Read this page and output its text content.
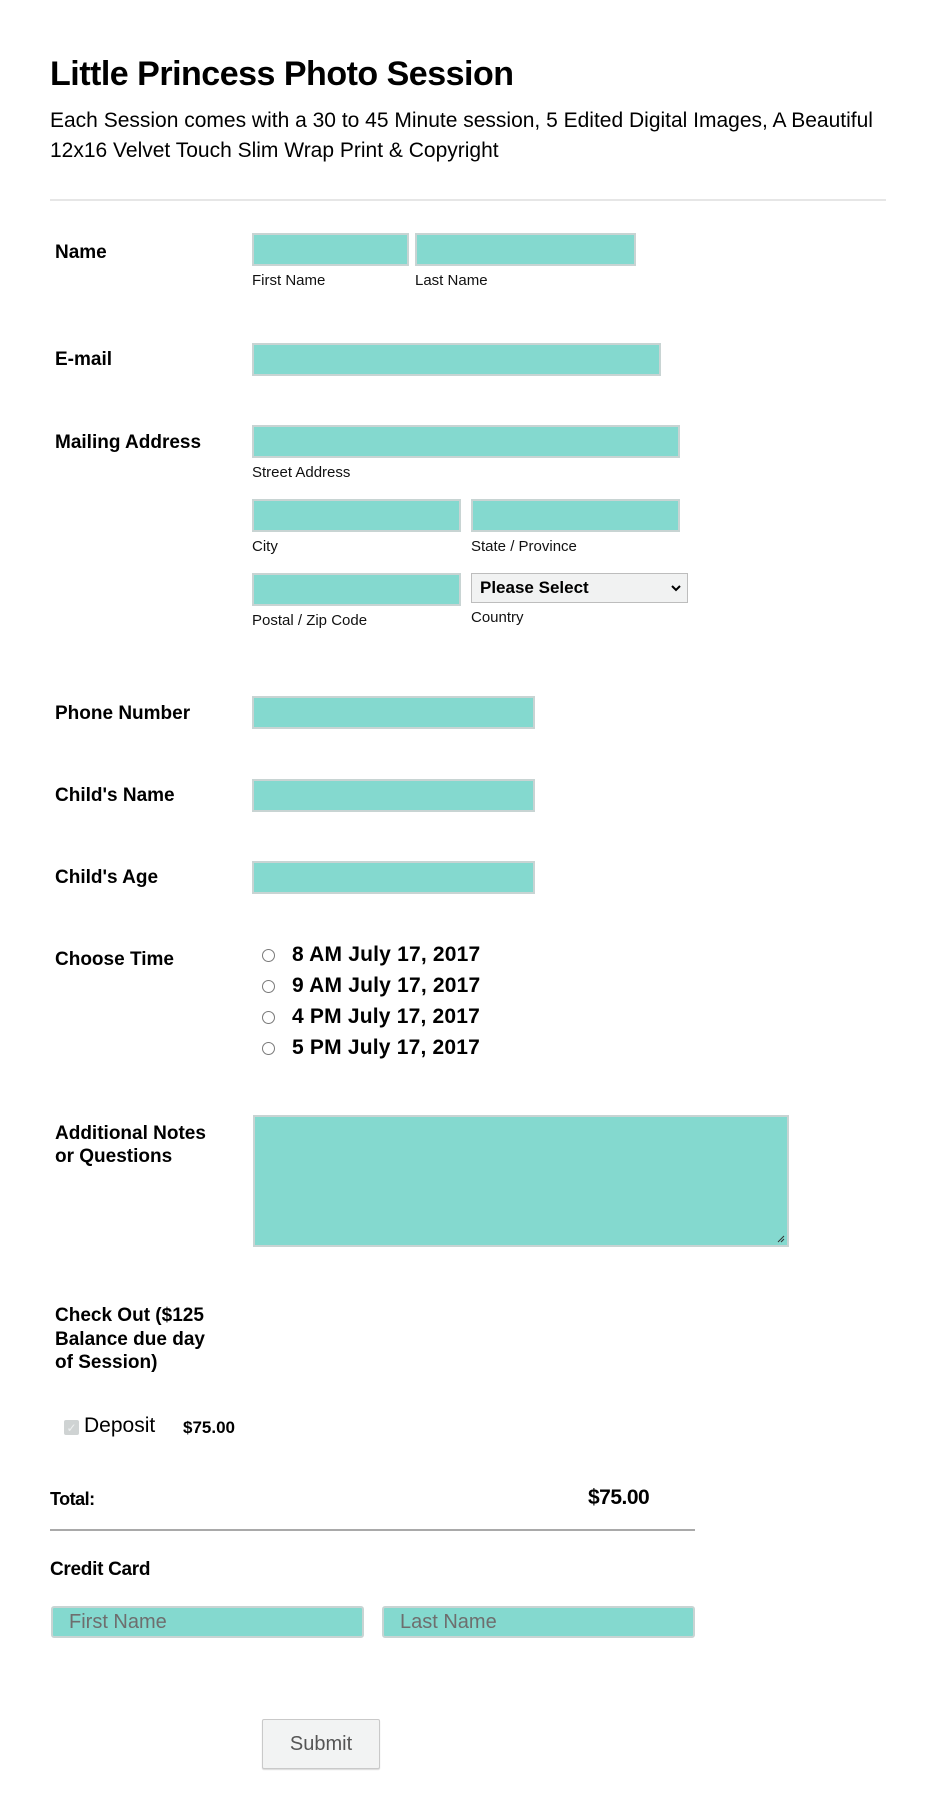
Little Princess Photo Session
Each Session comes with a 30 to 45 Minute session, 5 Edited Digital Images, A Beautiful 12x16 Velvet Touch Slim Wrap Print & Copyright
Name
First Name	Last Name
E-mail
Mailing Address
Street Address
City	State / Province
Please Select
Postal / Zip Code	Country
Phone Number
Child's Name
Child's Age
Choose Time	8 AM July 17, 2017
9 AM July 17, 2017
4 PM July 17, 2017
5 PM July 17, 2017
Additional Notes
or Questions
Check Out ($125
Balance due day
of Session)
✓ Deposit $75.00
Total:	$75.00
Credit Card
First Name	Last Name
Submit
